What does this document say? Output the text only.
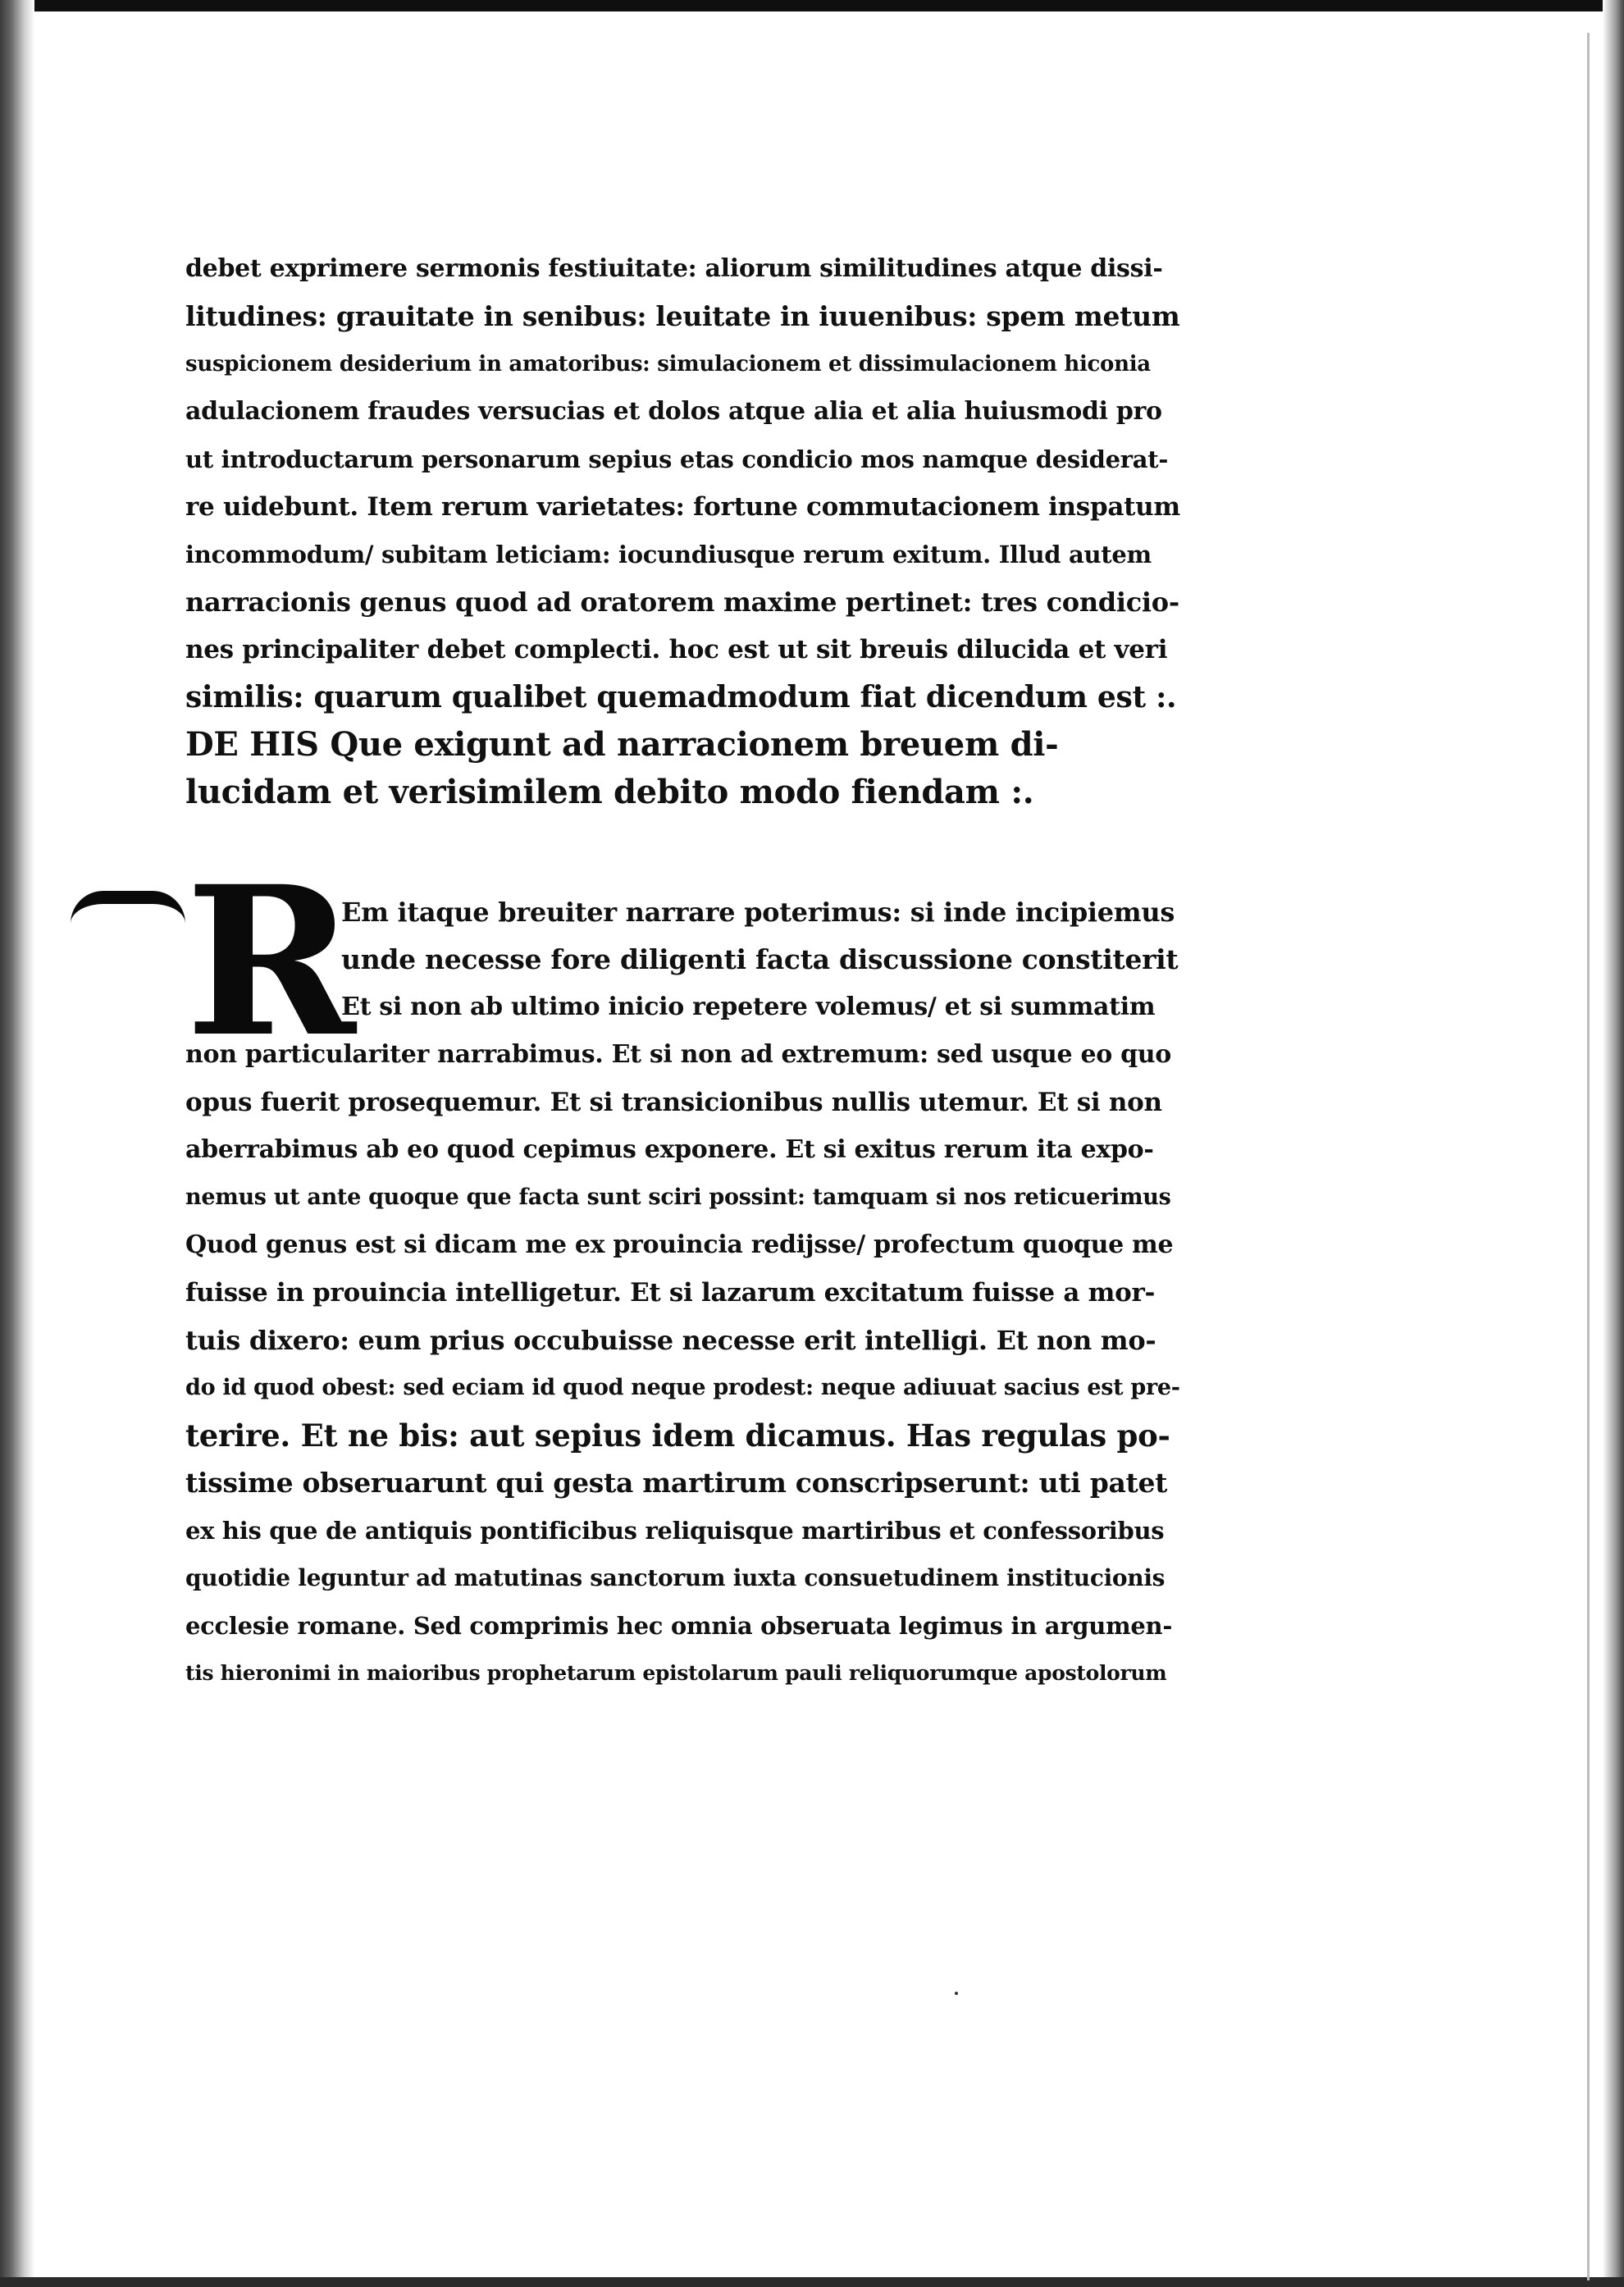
R
debet exprimere sermonis festiuitate: aliorum similitudines atque dissi-
litudines: grauitate in senibus: leuitate in iuuenibus: spem metum
suspicionem desiderium in amatoribus: simulacionem et dissimulacionem hiconia
adulacionem fraudes versucias et dolos atque alia et alia huiusmodi pro
ut introductarum personarum sepius etas condicio mos namque desiderat-
re uidebunt. Item rerum varietates: fortune commutacionem inspatum
incommodum/ subitam leticiam: iocundiusque rerum exitum. Illud autem
narracionis genus quod ad oratorem maxime pertinet: tres condicio-
nes principaliter debet complecti. hoc est ut sit breuis dilucida et veri
similis: quarum qualibet quemadmodum fiat dicendum est :.
DE HIS Que exigunt ad narracionem breuem di-
lucidam et verisimilem debito modo fiendam :.
Em itaque breuiter narrare poterimus: si inde incipiemus
unde necesse fore diligenti facta discussione constiterit
Et si non ab ultimo inicio repetere volemus/ et si summatim
non particulariter narrabimus. Et si non ad extremum: sed usque eo quo
opus fuerit prosequemur. Et si transicionibus nullis utemur. Et si non
aberrabimus ab eo quod cepimus exponere. Et si exitus rerum ita expo-
nemus ut ante quoque que facta sunt sciri possint: tamquam si nos reticuerimus
Quod genus est si dicam me ex prouincia redijsse/ profectum quoque me
fuisse in prouincia intelligetur. Et si lazarum excitatum fuisse a mor-
tuis dixero: eum prius occubuisse necesse erit intelligi. Et non mo-
do id quod obest: sed eciam id quod neque prodest: neque adiuuat sacius est pre-
terire. Et ne bis: aut sepius idem dicamus. Has regulas po-
tissime obseruarunt qui gesta martirum conscripserunt: uti patet
ex his que de antiquis pontificibus reliquisque martiribus et confessoribus
quotidie leguntur ad matutinas sanctorum iuxta consuetudinem institucionis
ecclesie romane. Sed comprimis hec omnia obseruata legimus in argumen-
tis hieronimi in maioribus prophetarum epistolarum pauli reliquorumque apostolorum
